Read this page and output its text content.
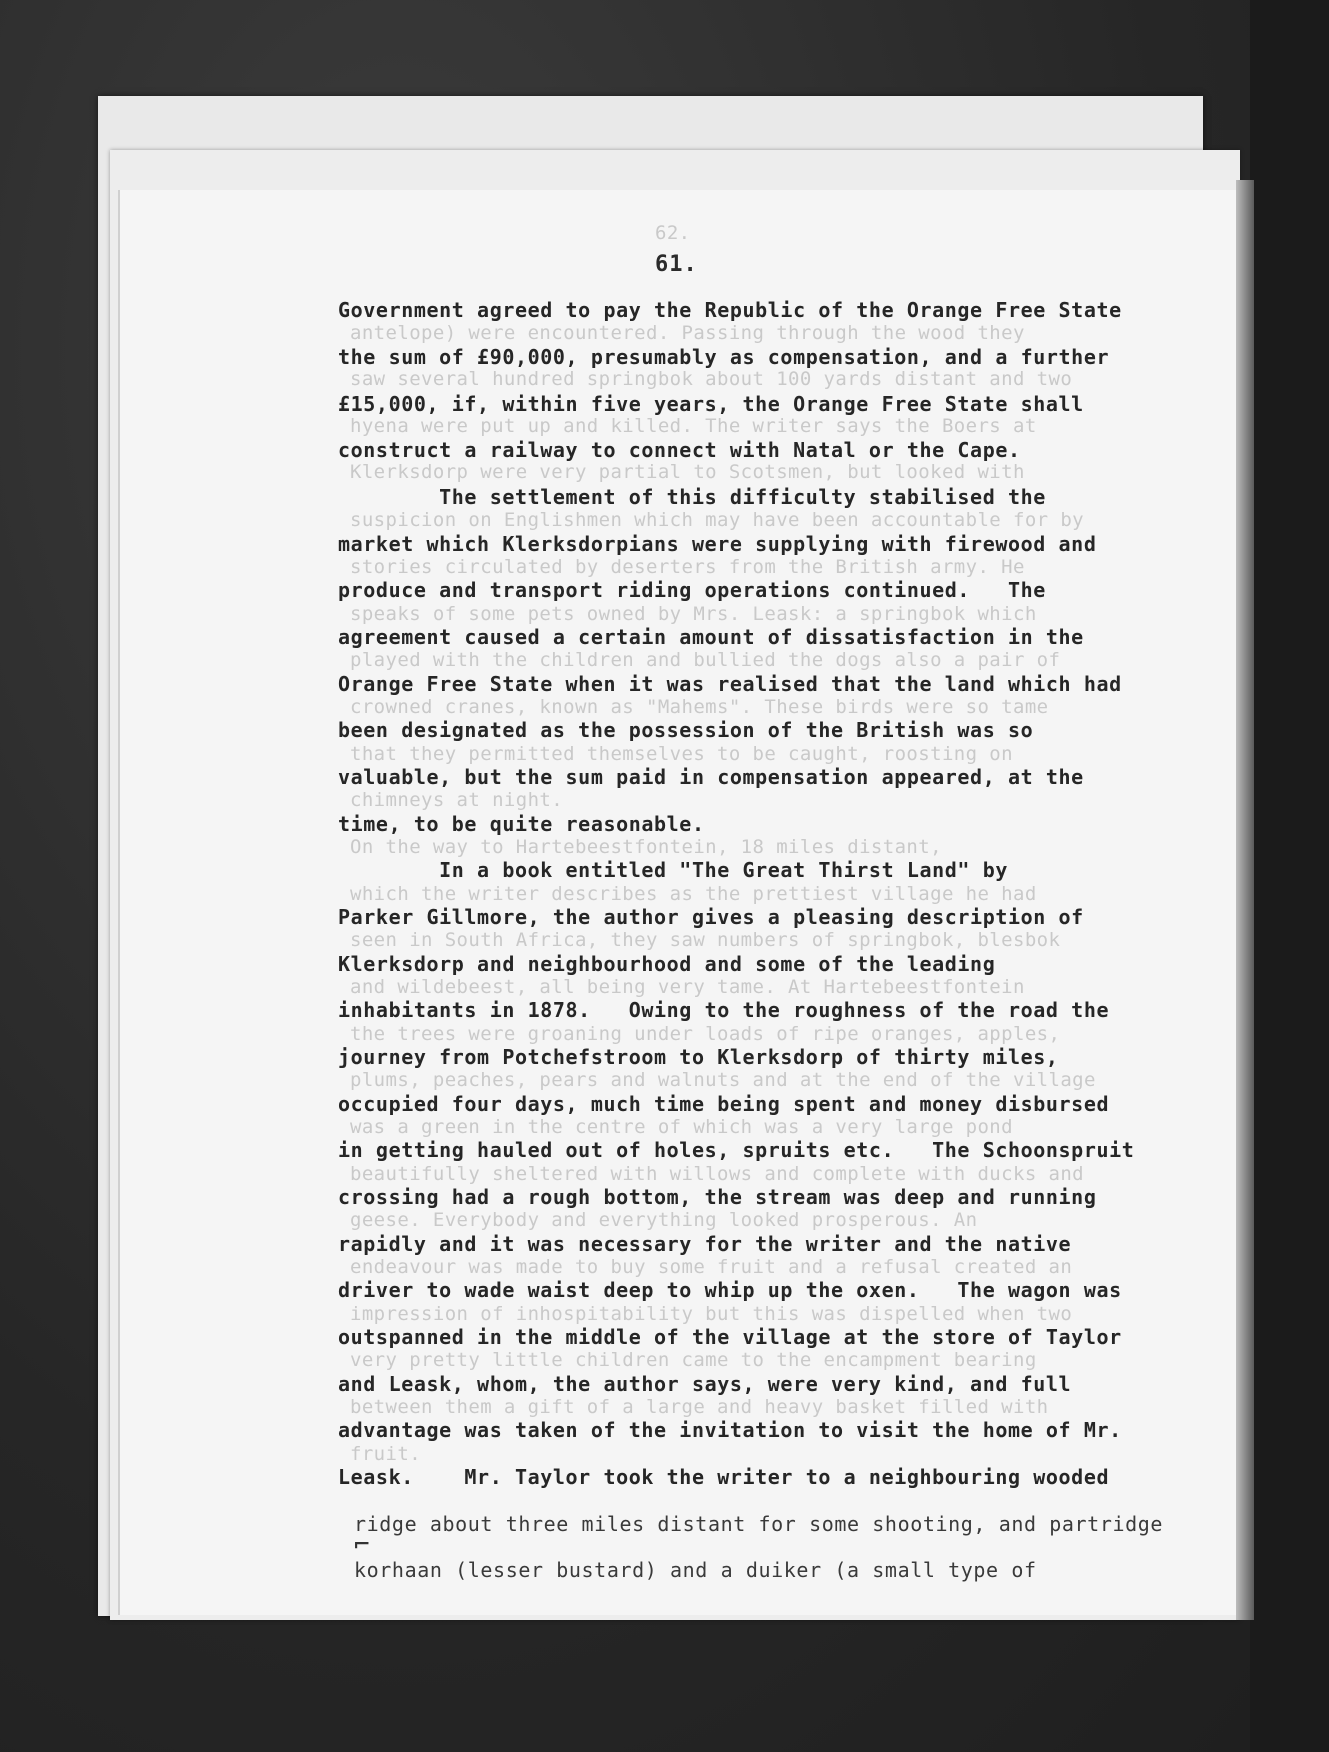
62.
antelope) were encountered. Passing through the wood they
saw several hundred springbok about 100 yards distant and two
hyena were put up and killed. The writer says the Boers at
Klerksdorp were very partial to Scotsmen, but looked with
suspicion on Englishmen which may have been accountable for by
stories circulated by deserters from the British army. He
speaks of some pets owned by Mrs. Leask: a springbok which
played with the children and bullied the dogs also a pair of
crowned cranes, known as "Mahems". These birds were so tame
that they permitted themselves to be caught, roosting on
chimneys at night.
On the way to Hartebeestfontein, 18 miles distant,
which the writer describes as the prettiest village he had
seen in South Africa, they saw numbers of springbok, blesbok
and wildebeest, all being very tame. At Hartebeestfontein
the trees were groaning under loads of ripe oranges, apples,
plums, peaches, pears and walnuts and at the end of the village
was a green in the centre of which was a very large pond
beautifully sheltered with willows and complete with ducks and
geese. Everybody and everything looked prosperous. An
endeavour was made to buy some fruit and a refusal created an
impression of inhospitability but this was dispelled when two
very pretty little children came to the encampment bearing
between them a gift of a large and heavy basket filled with
fruit.
61.
Government agreed to pay the Republic of the Orange Free State
the sum of £90,000, presumably as compensation, and a further
£15,000, if, within five years, the Orange Free State shall
construct a railway to connect with Natal or the Cape.
The settlement of this difficulty stabilised the
market which Klerksdorpians were supplying with firewood and
produce and transport riding operations continued.   The
agreement caused a certain amount of dissatisfaction in the
Orange Free State when it was realised that the land which had
been designated as the possession of the British was so
valuable, but the sum paid in compensation appeared, at the
time, to be quite reasonable.
In a book entitled "The Great Thirst Land" by
Parker Gillmore, the author gives a pleasing description of
Klerksdorp and neighbourhood and some of the leading
inhabitants in 1878.   Owing to the roughness of the road the
journey from Potchefstroom to Klerksdorp of thirty miles,
occupied four days, much time being spent and money disbursed
in getting hauled out of holes, spruits etc.   The Schoonspruit
crossing had a rough bottom, the stream was deep and running
rapidly and it was necessary for the writer and the native
driver to wade waist deep to whip up the oxen.   The wagon was
outspanned in the middle of the village at the store of Taylor
and Leask, whom, the author says, were very kind, and full
advantage was taken of the invitation to visit the home of Mr.
Leask.    Mr. Taylor took the writer to a neighbouring wooded
ridge about three miles distant for some shooting, and partridge
korhaan (lesser bustard) and a duiker (a small type of
⌐
